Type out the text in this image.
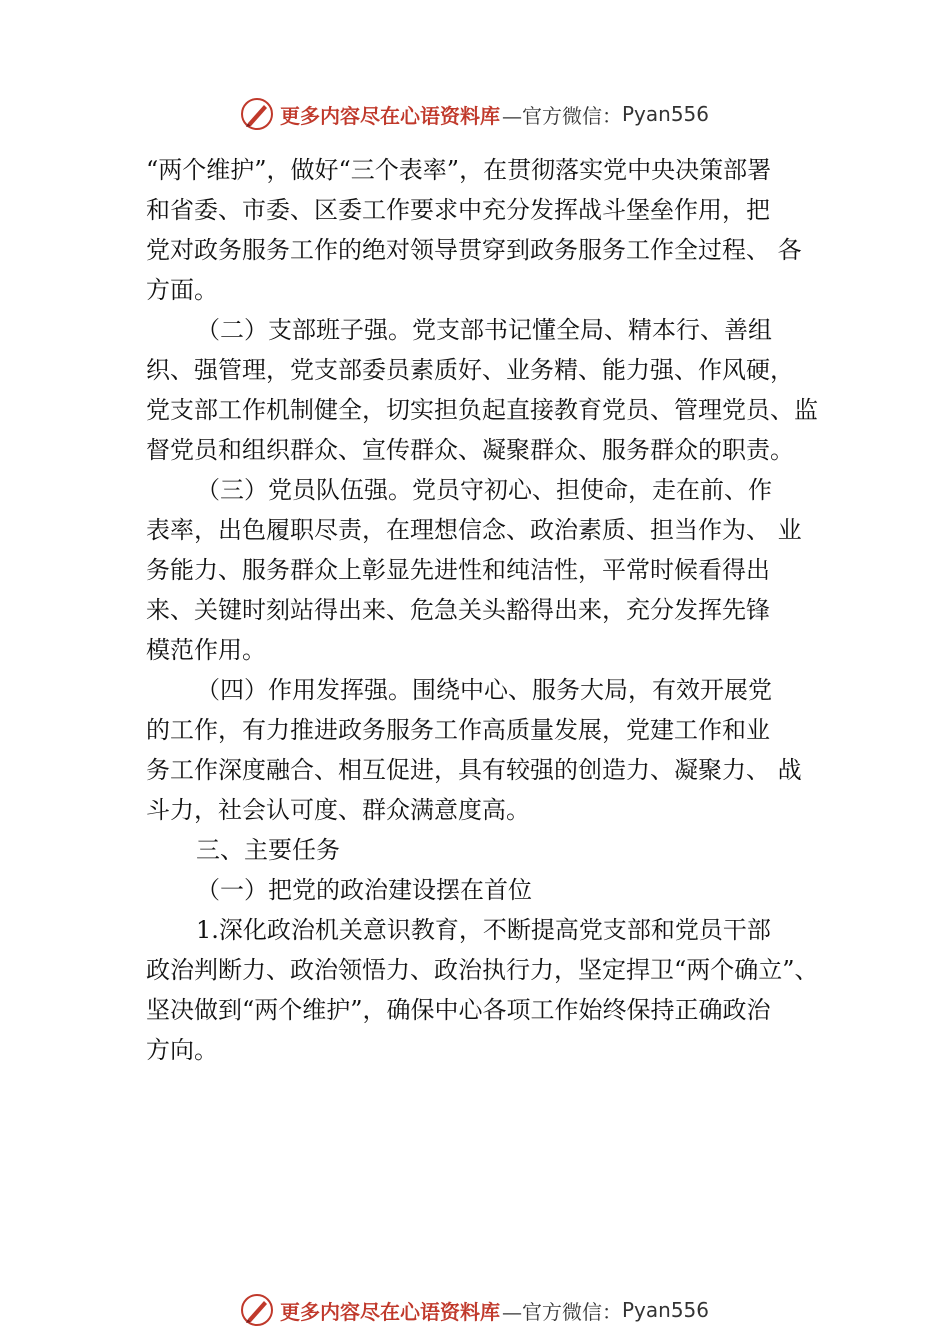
更多内容尽在心语资料库 —官方微信： Pyan556
“两个维护”，做好“三个表率”，在贯彻落实党中央决策部署
和省委、市委、区委工作要求中充分发挥战斗堡垒作用，把
党对政务服务工作的绝对领导贯穿到政务服务工作全过程、 各
方面。
（二）支部班子强。党支部书记懂全局、精本行、善组
织、强管理，党支部委员素质好、业务精、能力强、作风硬，
党支部工作机制健全，切实担负起直接教育党员、管理党员、监
督党员和组织群众、宣传群众、凝聚群众、服务群众的职责。
（三）党员队伍强。党员守初心、担使命，走在前、作
表率，出色履职尽责，在理想信念、政治素质、担当作为、 业
务能力、服务群众上彰显先进性和纯洁性，平常时候看得出
来、关键时刻站得出来、危急关头豁得出来，充分发挥先锋
模范作用。
（四）作用发挥强。围绕中心、服务大局，有效开展党
的工作，有力推进政务服务工作高质量发展，党建工作和业
务工作深度融合、相互促进，具有较强的创造力、凝聚力、 战
斗力，社会认可度、群众满意度高。
三、主要任务
（一）把党的政治建设摆在首位
1.深化政治机关意识教育，不断提高党支部和党员干部
政治判断力、政治领悟力、政治执行力，坚定捍卫“两个确立”、
坚决做到“两个维护”，确保中心各项工作始终保持正确政治
方向。
更多内容尽在心语资料库 —官方微信： Pyan556
